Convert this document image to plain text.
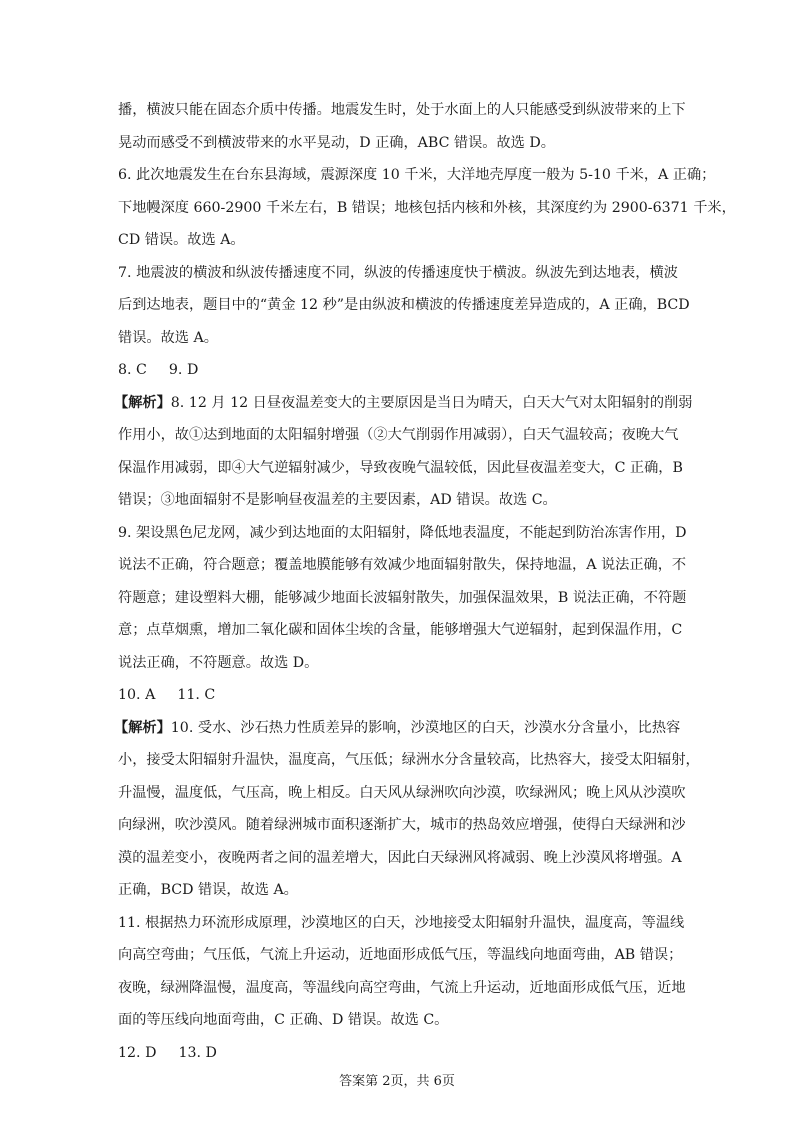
播，横波只能在固态介质中传播。地震发生时，处于水面上的人只能感受到纵波带来的上下
晃动而感受不到横波带来的水平晃动，D 正确，ABC 错误。故选 D。
6. 此次地震发生在台东县海域，震源深度 10 千米，大洋地壳厚度一般为 5-10 千米，A 正确；
下地幔深度 660-2900 千米左右，B 错误；地核包括内核和外核，其深度约为 2900-6371 千米，
CD 错误。故选 A。
7. 地震波的横波和纵波传播速度不同，纵波的传播速度快于横波。纵波先到达地表，横波
后到达地表，题目中的“黄金 12 秒”是由纵波和横波的传播速度差异造成的，A 正确，BCD
错误。故选 A。
8. C 9. D
【解析】8. 12 月 12 日昼夜温差变大的主要原因是当日为晴天，白天大气对太阳辐射的削弱
作用小，故①达到地面的太阳辐射增强（②大气削弱作用减弱），白天气温较高；夜晚大气
保温作用减弱，即④大气逆辐射减少，导致夜晚气温较低，因此昼夜温差变大，C 正确，B
错误；③地面辐射不是影响昼夜温差的主要因素，AD 错误。故选 C。
9. 架设黑色尼龙网，减少到达地面的太阳辐射，降低地表温度，不能起到防治冻害作用，D
说法不正确，符合题意；覆盖地膜能够有效减少地面辐射散失，保持地温，A 说法正确，不
符题意；建设塑料大棚，能够减少地面长波辐射散失，加强保温效果，B 说法正确，不符题
意；点草烟熏，增加二氧化碳和固体尘埃的含量，能够增强大气逆辐射，起到保温作用，C
说法正确，不符题意。故选 D。
10. A 11. C
【解析】10. 受水、沙石热力性质差异的影响，沙漠地区的白天，沙漠水分含量小，比热容
小，接受太阳辐射升温快，温度高，气压低；绿洲水分含量较高，比热容大，接受太阳辐射，
升温慢，温度低，气压高，晚上相反。白天风从绿洲吹向沙漠，吹绿洲风；晚上风从沙漠吹
向绿洲，吹沙漠风。随着绿洲城市面积逐渐扩大，城市的热岛效应增强，使得白天绿洲和沙
漠的温差变小，夜晚两者之间的温差增大，因此白天绿洲风将减弱、晚上沙漠风将增强。A
正确，BCD 错误，故选 A。
11. 根据热力环流形成原理，沙漠地区的白天，沙地接受太阳辐射升温快，温度高，等温线
向高空弯曲；气压低，气流上升运动，近地面形成低气压，等温线向地面弯曲，AB 错误；
夜晚，绿洲降温慢，温度高，等温线向高空弯曲，气流上升运动，近地面形成低气压，近地
面的等压线向地面弯曲，C 正确、D 错误。故选 C。
12. D 13. D
答案第 2页，共 6页
